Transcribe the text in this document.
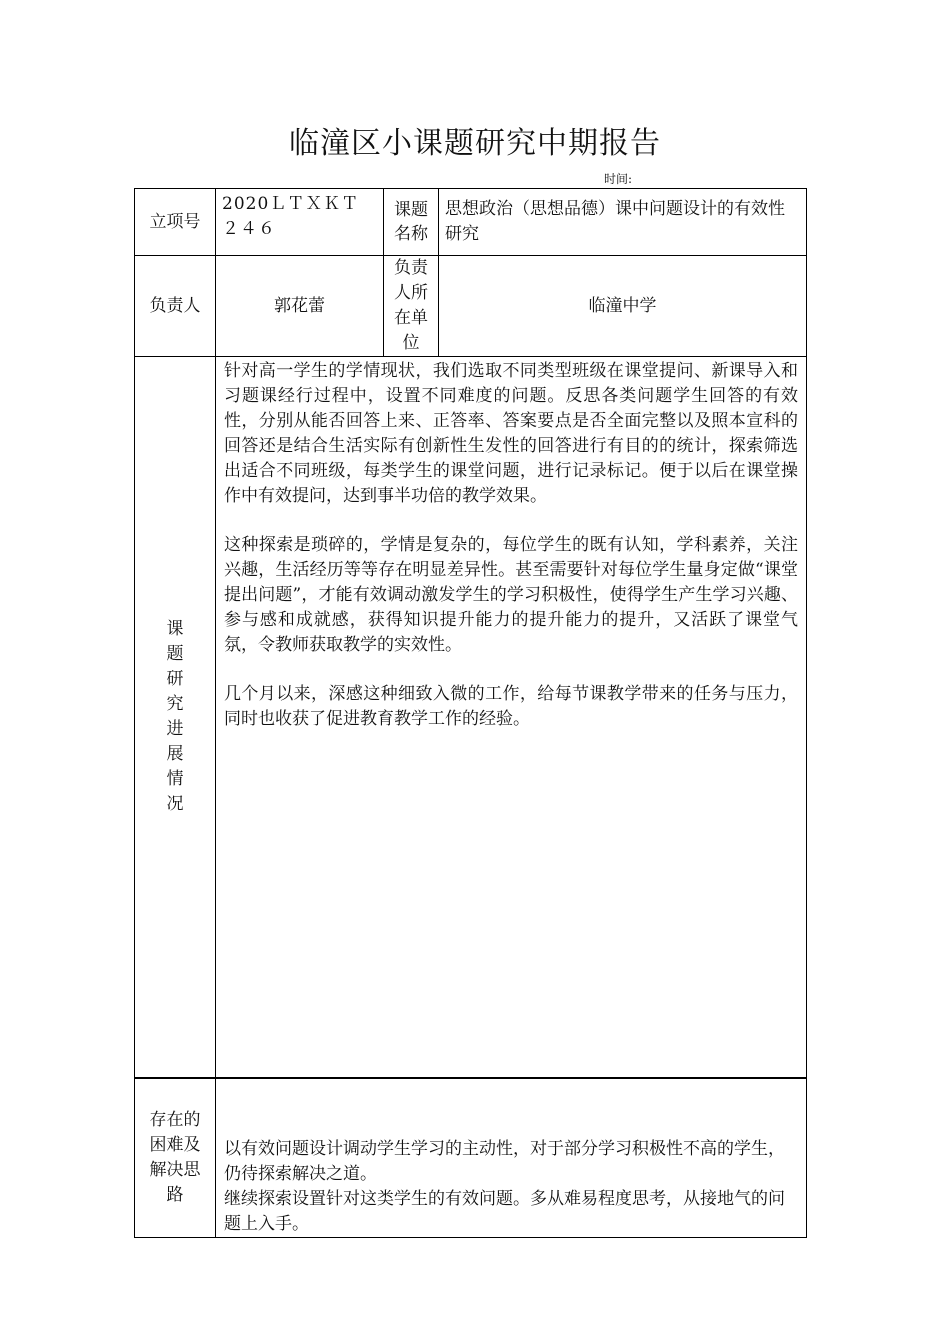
临潼区小课题研究中期报告
时间:
立项号	2020ＬＴＸＫＴ２４６	课题名称	思想政治（思想品德）课中问题设计的有效性研究
负责人	郭花蕾	负责人所在单位	临潼中学

课题研究进展情况	针对高一学生的学情现状，我们选取不同类型班级在课堂提问、新课导入和习题课经行过程中，设置不同难度的问题。反思各类问题学生回答的有效性，分别从能否回答上来、正答率、答案要点是否全面完整以及照本宣科的回答还是结合生活实际有创新性生发性的回答进行有目的的统计，探索筛选出适合不同班级，每类学生的课堂问题，进行记录标记。便于以后在课堂操作中有效提问，达到事半功倍的教学效果。

这种探索是琐碎的，学情是复杂的，每位学生的既有认知，学科素养，关注兴趣，生活经历等等存在明显差异性。甚至需要针对每位学生量身定做“课堂提出问题”，才能有效调动激发学生的学习积极性，使得学生产生学习兴趣、参与感和成就感，获得知识提升能力的提升能力的提升，又活跃了课堂气氛，令教师获取教学的实效性。

几个月以来，深感这种细致入微的工作，给每节课教学带来的任务与压力，同时也收获了促进教育教学工作的经验。		

存在的困难及解决思路	以有效问题设计调动学生学习的主动性，对于部分学习积极性不高的学生，仍待探索解决之道。

继续探索设置针对这类学生的有效问题。多从难易程度思考，从接地气的问题上入手。		
